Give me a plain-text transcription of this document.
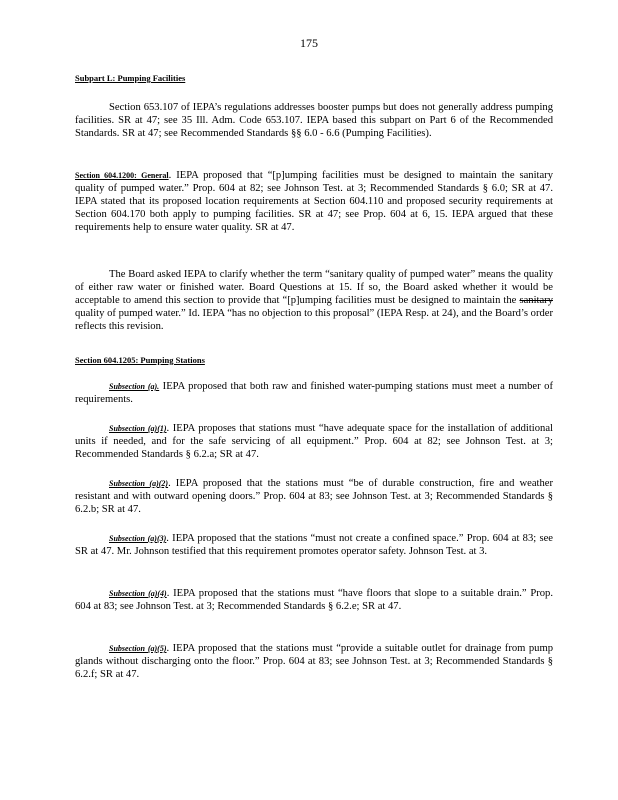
175
Subpart L: Pumping Facilities

Section 653.107 of IEPA’s regulations addresses booster pumps but does not generally address pumping facilities. SR at 47; see 35 Ill. Adm. Code 653.107. IEPA based this subpart on Part 6 of the Recommended Standards. SR at 47; see Recommended Standards §§ 6.0 - 6.6 (Pumping Facilities).

Section 604.1200: General. IEPA proposed that “[p]umping facilities must be designed to maintain the sanitary quality of pumped water.” Prop. 604 at 82; see Johnson Test. at 3; Recommended Standards § 6.0; SR at 47. IEPA stated that its proposed location requirements at Section 604.110 and proposed security requirements at Section 604.170 both apply to pumping facilities. SR at 47; see Prop. 604 at 6, 15. IEPA argued that these requirements help to ensure water quality. SR at 47.

The Board asked IEPA to clarify whether the term “sanitary quality of pumped water” means the quality of either raw water or finished water. Board Questions at 15. If so, the Board asked whether it would be acceptable to amend this section to provide that “[p]umping facilities must be designed to maintain the sanitary quality of pumped water.” Id. IEPA “has no objection to this proposal” (IEPA Resp. at 24), and the Board’s order reflects this revision.

Section 604.1205: Pumping Stations

Subsection (a). IEPA proposed that both raw and finished water-pumping stations must meet a number of requirements.

Subsection (a)(1). IEPA proposes that stations must “have adequate space for the installation of additional units if needed, and for the safe servicing of all equipment.” Prop. 604 at 82; see Johnson Test. at 3; Recommended Standards § 6.2.a; SR at 47.

Subsection (a)(2). IEPA proposed that the stations must “be of durable construction, fire and weather resistant and with outward opening doors.” Prop. 604 at 83; see Johnson Test. at 3; Recommended Standards § 6.2.b; SR at 47.

Subsection (a)(3). IEPA proposed that the stations “must not create a confined space.” Prop. 604 at 83; see SR at 47. Mr. Johnson testified that this requirement promotes operator safety. Johnson Test. at 3.

Subsection (a)(4). IEPA proposed that the stations must “have floors that slope to a suitable drain.” Prop. 604 at 83; see Johnson Test. at 3; Recommended Standards § 6.2.e; SR at 47.

Subsection (a)(5). IEPA proposed that the stations must “provide a suitable outlet for drainage from pump glands without discharging onto the floor.” Prop. 604 at 83; see Johnson Test. at 3; Recommended Standards § 6.2.f; SR at 47.
